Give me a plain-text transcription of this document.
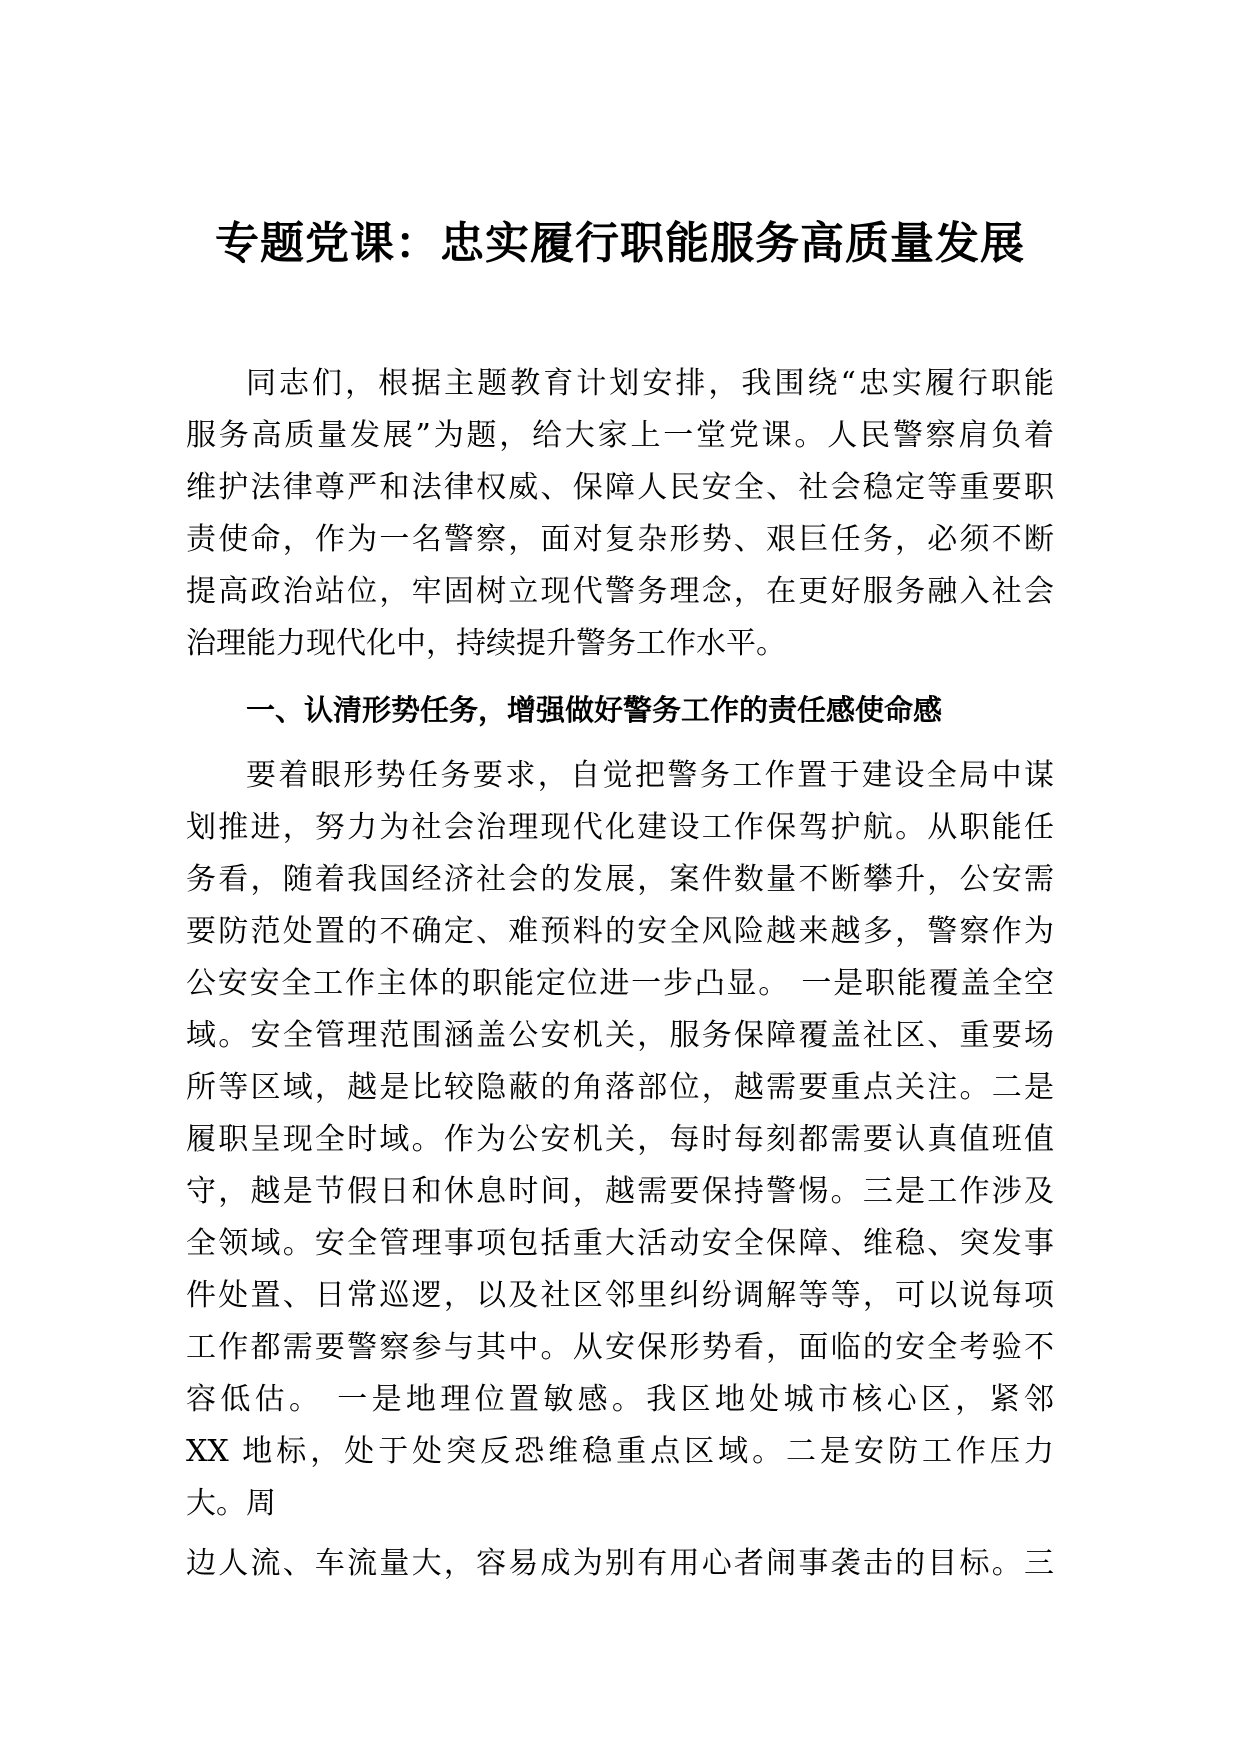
专题党课：忠实履行职能服务高质量发展
同志们，根据主题教育计划安排，我围绕“忠实履行职能
服务高质量发展”为题，给大家上一堂党课。人民警察肩负着
维护法律尊严和法律权威、保障人民安全、社会稳定等重要职
责使命，作为一名警察，面对复杂形势、艰巨任务，必须不断
提高政治站位，牢固树立现代警务理念，在更好服务融入社会
治理能力现代化中，持续提升警务工作水平。
一、认清形势任务，增强做好警务工作的责任感使命感
要着眼形势任务要求，自觉把警务工作置于建设全局中谋
划推进，努力为社会治理现代化建设工作保驾护航。从职能任
务看，随着我国经济社会的发展，案件数量不断攀升，公安需
要防范处置的不确定、难预料的安全风险越来越多，警察作为
公安安全工作主体的职能定位进一步凸显。 一是职能覆盖全空
域。安全管理范围涵盖公安机关，服务保障覆盖社区、重要场
所等区域，越是比较隐蔽的角落部位，越需要重点关注。二是
履职呈现全时域。作为公安机关，每时每刻都需要认真值班值
守，越是节假日和休息时间，越需要保持警惕。三是工作涉及
全领域。安全管理事项包括重大活动安全保障、维稳、突发事
件处置、日常巡逻，以及社区邻里纠纷调解等等，可以说每项
工作都需要警察参与其中。从安保形势看，面临的安全考验不
容低估。 一是地理位置敏感。我区地处城市核心区，紧邻
XX 地标，处于处突反恐维稳重点区域。二是安防工作压力
大。周
边人流、车流量大，容易成为别有用心者闹事袭击的目标。三
